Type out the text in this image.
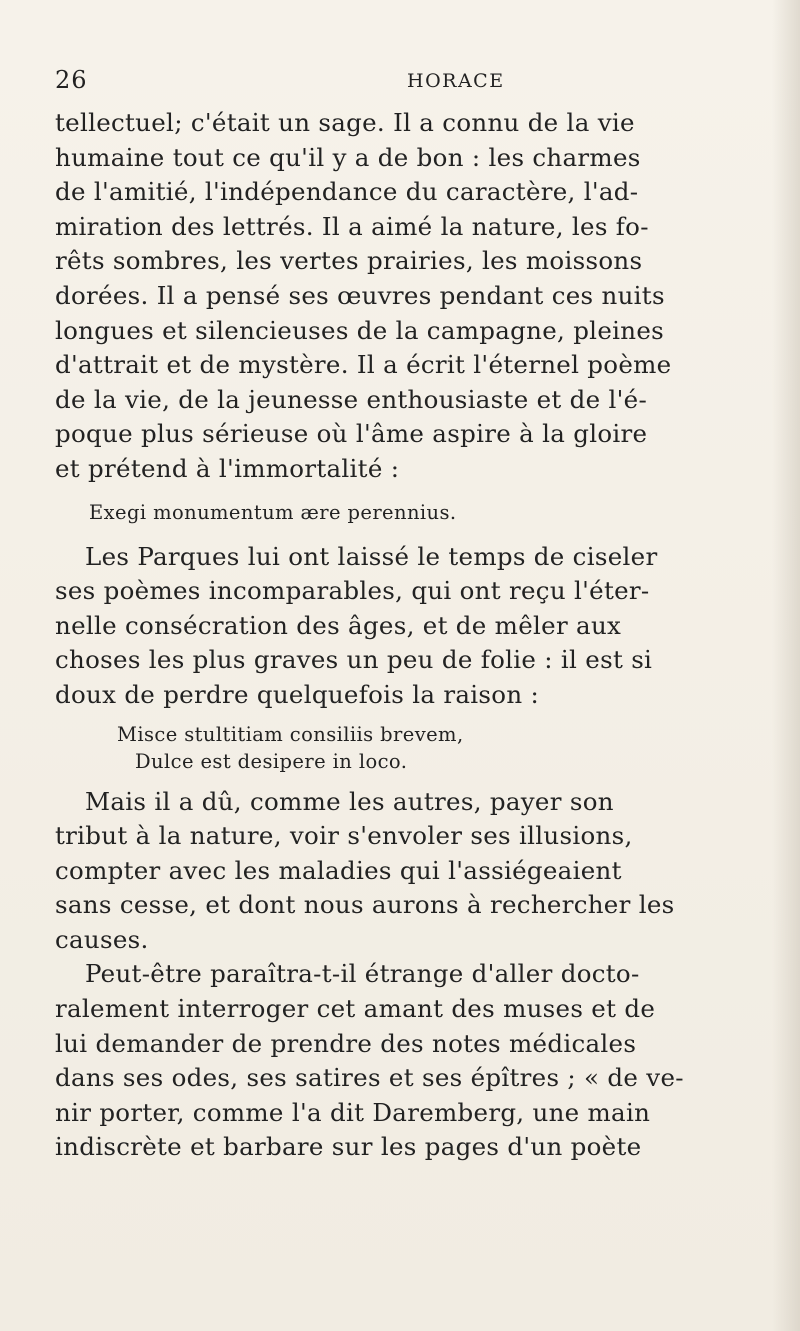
26	HORACE
tellectuel; c'était un sage. Il a connu de la vie
humaine tout ce qu'il y a de bon : les charmes
de l'amitié, l'indépendance du caractère, l'ad-
miration des lettrés. Il a aimé la nature, les fo-
rêts sombres, les vertes prairies, les moissons
dorées. Il a pensé ses œuvres pendant ces nuits
longues et silencieuses de la campagne, pleines
d'attrait et de mystère. Il a écrit l'éternel poème
de la vie, de la jeunesse enthousiaste et de l'é-
poque plus sérieuse où l'âme aspire à la gloire
et prétend à l'immortalité :
Exegi monumentum ære perennius.
Les Parques lui ont laissé le temps de ciseler
ses poèmes incomparables, qui ont reçu l'éter-
nelle consécration des âges, et de mêler aux
choses les plus graves un peu de folie : il est si
doux de perdre quelquefois la raison :
Misce stultitiam consiliis brevem,
Dulce est desipere in loco.
Mais il a dû, comme les autres, payer son
tribut à la nature, voir s'envoler ses illusions,
compter avec les maladies qui l'assiégeaient
sans cesse, et dont nous aurons à rechercher les
causes.
Peut-être paraîtra-t-il étrange d'aller docto-
ralement interroger cet amant des muses et de
lui demander de prendre des notes médicales
dans ses odes, ses satires et ses épîtres ; « de ve-
nir porter, comme l'a dit Daremberg, une main
indiscrète et barbare sur les pages d'un poète
